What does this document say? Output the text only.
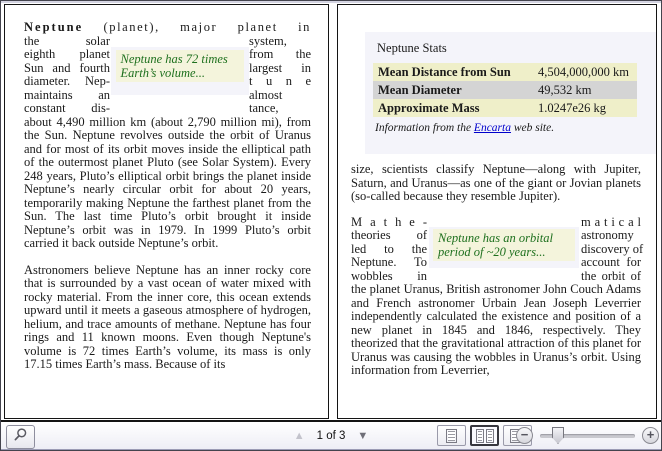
Neptune (planet), major planet in
the solar
eighth planet
Sun and fourth
diameter. Nep-
maintains an
constant dis-
Neptune has 72 times Earth’s volume...
system,
from the
largest in
t u n e
almost
tance,

about 4,490 million km (about 2,790 million mi), from the Sun. Neptune revolves outside the orbit of Uranus and for most of its orbit moves inside the elliptical path of the outermost planet Pluto (see Solar System). Every 248 years, Pluto’s elliptical orbit brings the planet inside Neptune’s nearly circular orbit for about 20 years, temporarily making Neptune the farthest planet from the Sun. The last time Pluto’s orbit brought it inside Neptune’s orbit was in 1979. In 1999 Pluto’s orbit carried it back outside Neptune’s orbit.

Astronomers believe Neptune has an inner rocky core that is surrounded by a vast ocean of water mixed with rocky material. From the inner core, this ocean extends upward until it meets a gaseous atmosphere of hydrogen, helium, and trace amounts of methane. Neptune has four rings and 11 known moons. Even though Neptune's volume is 72 times Earth’s volume, its mass is only 17.15 times Earth’s mass. Because of its

Neptune Stats
Mean Distance from Sun	4,504,000,000 km
Mean Diameter	49,532 km
Approximate Mass	1.0247e26 kg
Information from the Encarta web site.

size, scientists classify Neptune—along with Jupiter, Saturn, and Uranus—as one of the giant or Jovian planets (so-called because they resemble Jupiter).

M a t h e -
theories of
led to the
Neptune. To
wobbles in
Neptune has an orbital period of ~20 years...
m a t i c a l
astronomy
discovery of
account for
the orbit of

the planet Uranus, British astronomer John Couch Adams and French astronomer Urbain Jean Joseph Leverrier independently calculated the existence and position of a new planet in 1845 and 1846, respectively. They theorized that the gravitational attraction of this planet for Uranus was causing the wobbles in Uranus’s orbit. Using information from Leverrier,

▲ 1 of 3 ▼	−	+
